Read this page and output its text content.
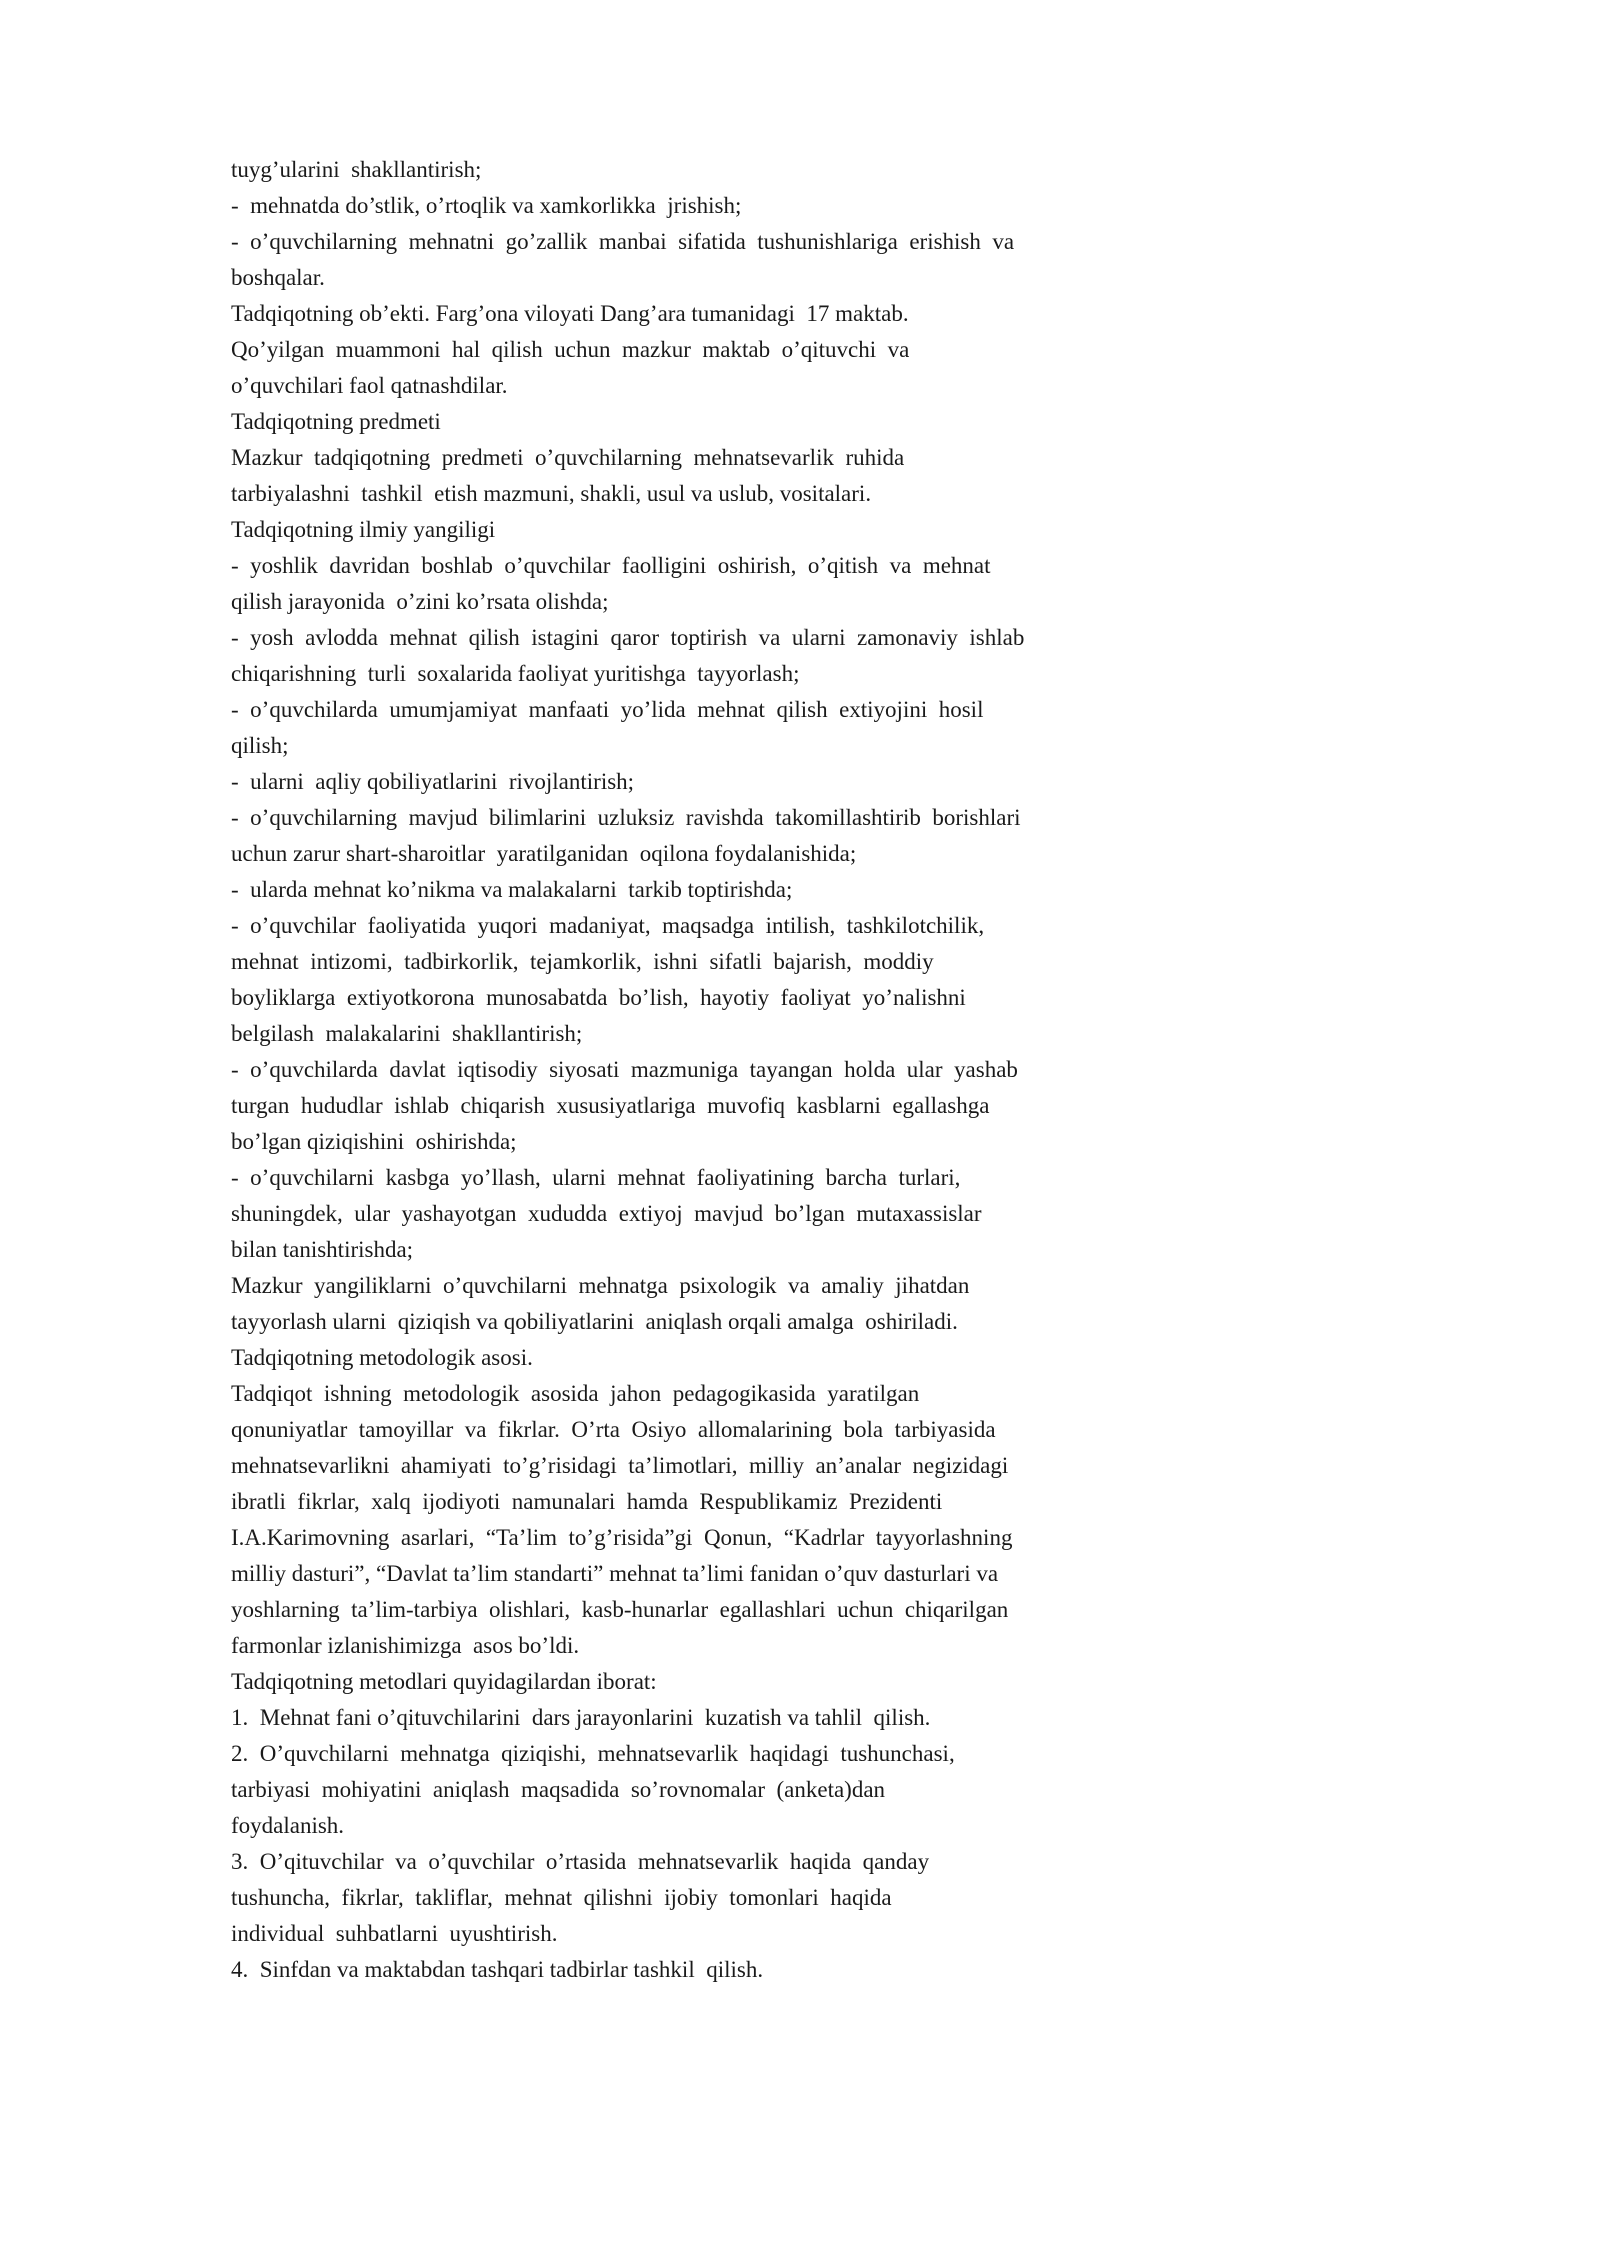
tuyg’ularini  shakllantirish;
-  mehnatda do’stlik, o’rtoqlik va xamkorlikka  jrishish;
-  o’quvchilarning  mehnatni  go’zallik  manbai  sifatida  tushunishlariga  erishish  va
boshqalar.
Tadqiqotning ob’ekti. Farg’ona viloyati Dang’ara tumanidagi  17 maktab.
Qo’yilgan  muammoni  hal  qilish  uchun  mazkur  maktab  o’qituvchi  va
o’quvchilari faol qatnashdilar.
Tadqiqotning predmeti
Mazkur  tadqiqotning  predmeti  o’quvchilarning  mehnatsevarlik  ruhida
tarbiyalashni  tashkil  etish mazmuni, shakli, usul va uslub, vositalari.
Tadqiqotning ilmiy yangiligi
-  yoshlik  davridan  boshlab  o’quvchilar  faolligini  oshirish,  o’qitish  va  mehnat
qilish jarayonida  o’zini ko’rsata olishda;
-  yosh  avlodda  mehnat  qilish  istagini  qaror  toptirish  va  ularni  zamonaviy  ishlab
chiqarishning  turli  soxalarida faoliyat yuritishga  tayyorlash;
-  o’quvchilarda  umumjamiyat  manfaati  yo’lida  mehnat  qilish  extiyojini  hosil
qilish;
-  ularni  aqliy qobiliyatlarini  rivojlantirish;
-  o’quvchilarning  mavjud  bilimlarini  uzluksiz  ravishda  takomillashtirib  borishlari
uchun zarur shart-sharoitlar  yaratilganidan  oqilona foydalanishida;
-  ularda mehnat ko’nikma va malakalarni  tarkib toptirishda;
-  o’quvchilar  faoliyatida  yuqori  madaniyat,  maqsadga  intilish,  tashkilotchilik,
mehnat  intizomi,  tadbirkorlik,  tejamkorlik,  ishni  sifatli  bajarish,  moddiy
boyliklarga  extiyotkorona  munosabatda  bo’lish,  hayotiy  faoliyat  yo’nalishni
belgilash  malakalarini  shakllantirish;
-  o’quvchilarda  davlat  iqtisodiy  siyosati  mazmuniga  tayangan  holda  ular  yashab
turgan  hududlar  ishlab  chiqarish  xususiyatlariga  muvofiq  kasblarni  egallashga
bo’lgan qiziqishini  oshirishda;
-  o’quvchilarni  kasbga  yo’llash,  ularni  mehnat  faoliyatining  barcha  turlari,
shuningdek,  ular  yashayotgan  xududda  extiyoj  mavjud  bo’lgan  mutaxassislar
bilan tanishtirishda;
Mazkur  yangiliklarni  o’quvchilarni  mehnatga  psixologik  va  amaliy  jihatdan
tayyorlash ularni  qiziqish va qobiliyatlarini  aniqlash orqali amalga  oshiriladi.
Tadqiqotning metodologik asosi.
Tadqiqot  ishning  metodologik  asosida  jahon  pedagogikasida  yaratilgan
qonuniyatlar  tamoyillar  va  fikrlar.  O’rta  Osiyo  allomalarining  bola  tarbiyasida
mehnatsevarlikni  ahamiyati  to’g’risidagi  ta’limotlari,  milliy  an’analar  negizidagi
ibratli  fikrlar,  xalq  ijodiyoti  namunalari  hamda  Respublikamiz  Prezidenti
I.A.Karimovning  asarlari,  “Ta’lim  to’g’risida”gi  Qonun,  “Kadrlar  tayyorlashning
milliy dasturi”, “Davlat ta’lim standarti” mehnat ta’limi fanidan o’quv dasturlari va
yoshlarning  ta’lim-tarbiya  olishlari,  kasb-hunarlar  egallashlari  uchun  chiqarilgan
farmonlar izlanishimizga  asos bo’ldi.
Tadqiqotning metodlari quyidagilardan iborat:
1.  Mehnat fani o’qituvchilarini  dars jarayonlarini  kuzatish va tahlil  qilish.
2.  O’quvchilarni  mehnatga  qiziqishi,  mehnatsevarlik  haqidagi  tushunchasi,
tarbiyasi  mohiyatini  aniqlash  maqsadida  so’rovnomalar  (anketa)dan
foydalanish.
3.  O’qituvchilar  va  o’quvchilar  o’rtasida  mehnatsevarlik  haqida  qanday
tushuncha,  fikrlar,  takliflar,  mehnat  qilishni  ijobiy  tomonlari  haqida
individual  suhbatlarni  uyushtirish.
4.  Sinfdan va maktabdan tashqari tadbirlar tashkil  qilish.
